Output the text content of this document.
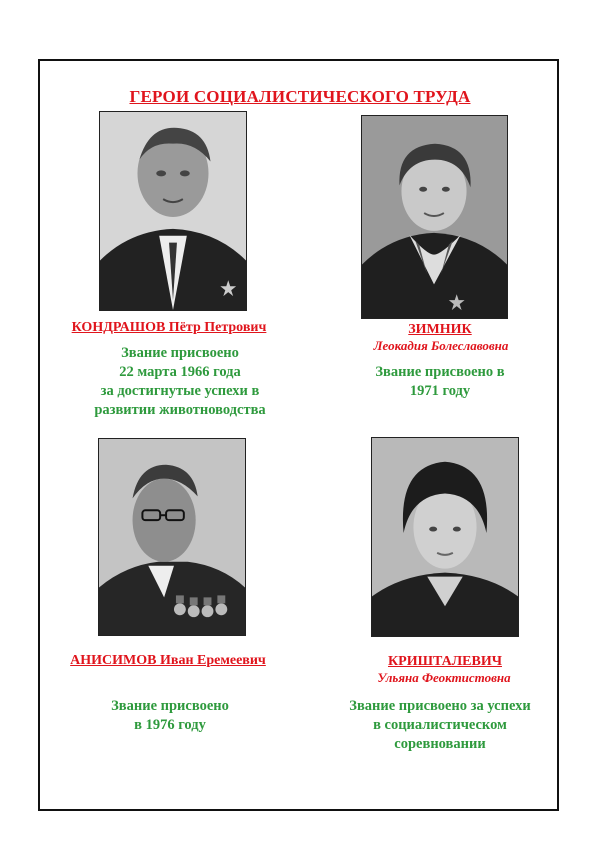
ГЕРОИ СОЦИАЛИСТИЧЕСКОГО ТРУДА
КОНДРАШОВ Пётр Петрович
Звание присвоено
22 марта 1966 года
за достигнутые успехи в
развитии животноводства
ЗИМНИК
Леокадия Болеславовна
Звание присвоено в
1971 году
АНИСИМОВ Иван Еремеевич
Звание присвоено
в 1976 году
КРИШТАЛЕВИЧ
Ульяна Феоктистовна
Звание присвоено за успехи
в социалистическом
соревновании
